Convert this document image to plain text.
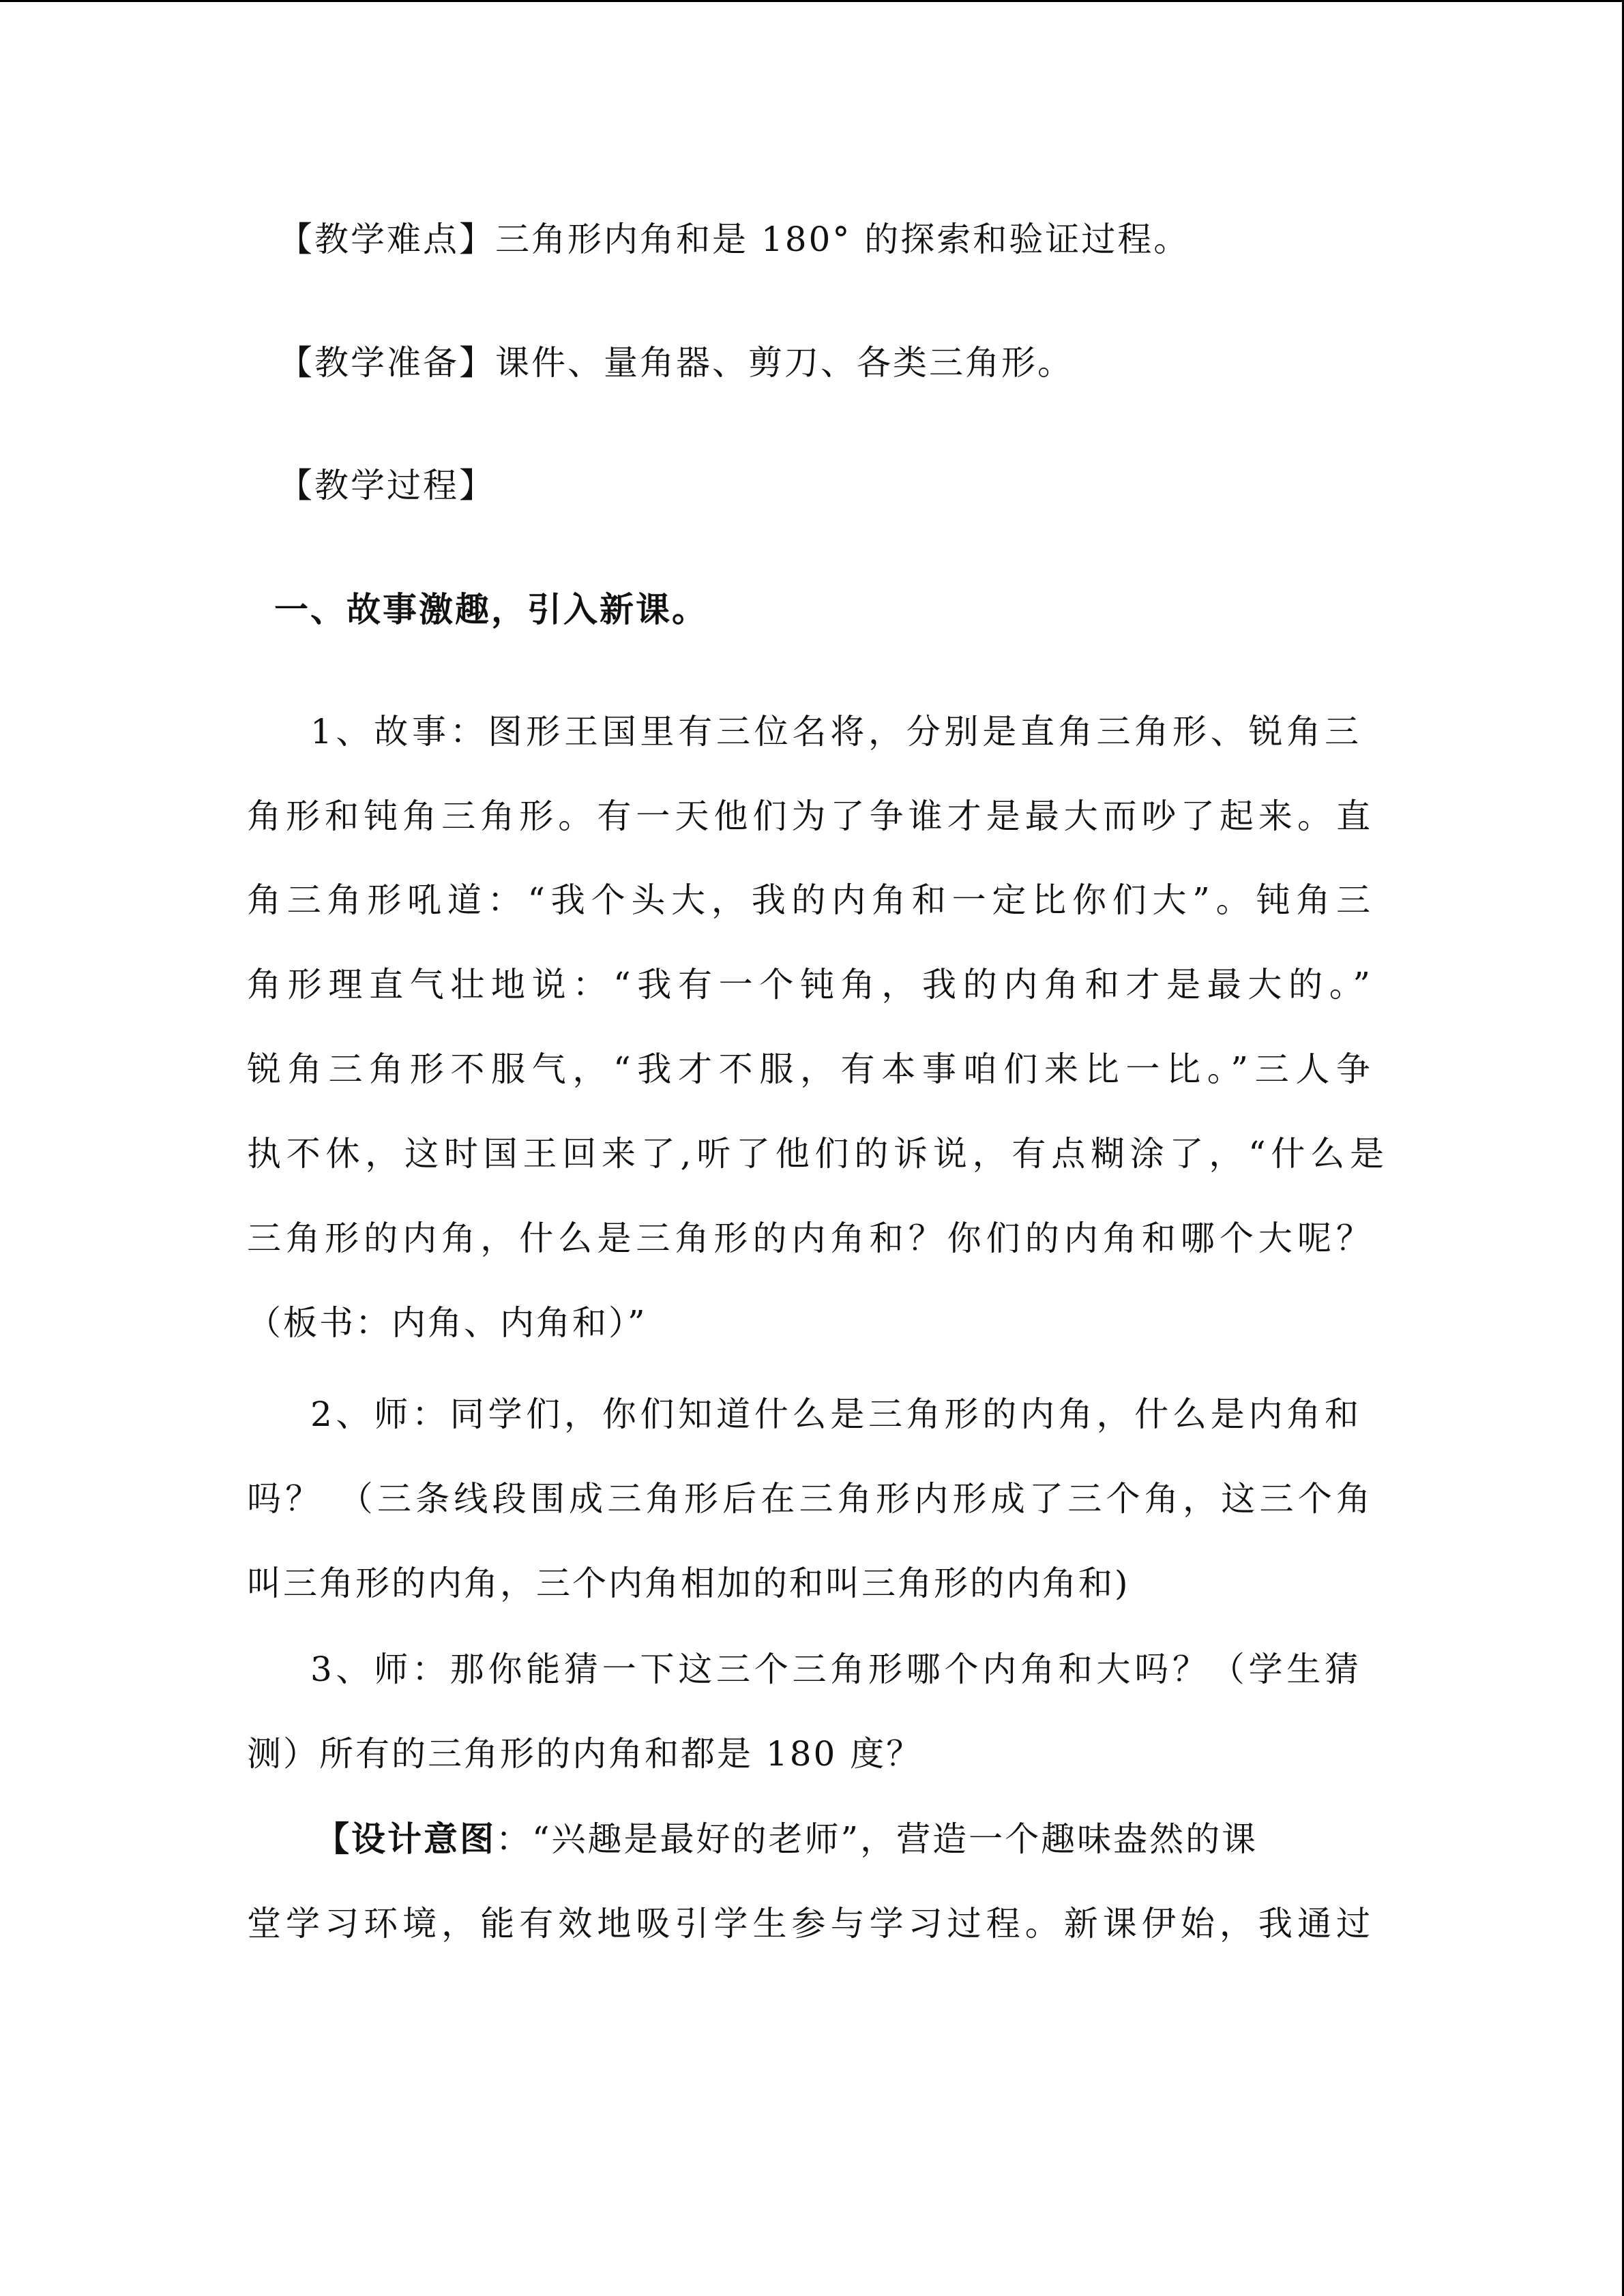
【教学难点】三角形内角和是 180° 的探索和验证过程。
【教学准备】课件、量角器、剪刀、各类三角形。
【教学过程】
一、故事激趣，引入新课。
1、故事：图形王国里有三位名将，分别是直角三角形、锐角三
角形和钝角三角形。有一天他们为了争谁才是最大而吵了起来。直
角三角形吼道：“我个头大，我的内角和一定比你们大”。钝角三
角形理直气壮地说：“我有一个钝角，我的内角和才是最大的。”
锐角三角形不服气，“我才不服，有本事咱们来比一比。”三人争
执不休，这时国王回来了,听了他们的诉说，有点糊涂了，“什么是
三角形的内角，什么是三角形的内角和？你们的内角和哪个大呢？
（板书：内角、内角和）”
2、师：同学们，你们知道什么是三角形的内角，什么是内角和
吗？ （三条线段围成三角形后在三角形内形成了三个角，这三个角
叫三角形的内角，三个内角相加的和叫三角形的内角和)
3、师：那你能猜一下这三个三角形哪个内角和大吗？（学生猜
测）所有的三角形的内角和都是 180 度？
【设计意图：“兴趣是最好的老师”，营造一个趣味盎然的课
堂学习环境，能有效地吸引学生参与学习过程。新课伊始，我通过
